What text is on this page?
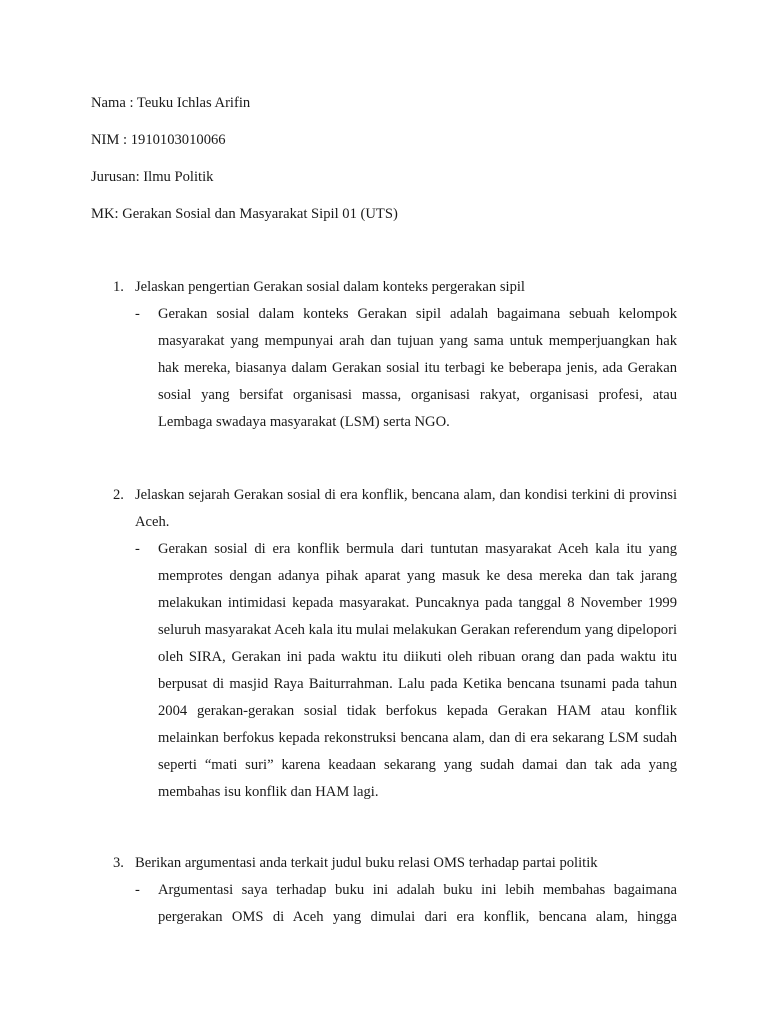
Nama : Teuku Ichlas Arifin
NIM : 1910103010066
Jurusan: Ilmu Politik
MK: Gerakan Sosial dan Masyarakat Sipil 01 (UTS)
1. Jelaskan pengertian Gerakan sosial dalam konteks pergerakan sipil
- Gerakan sosial dalam konteks Gerakan sipil adalah bagaimana sebuah kelompok masyarakat yang mempunyai arah dan tujuan yang sama untuk memperjuangkan hak hak mereka, biasanya dalam Gerakan sosial itu terbagi ke beberapa jenis, ada Gerakan sosial yang bersifat organisasi massa, organisasi rakyat, organisasi profesi, atau Lembaga swadaya masyarakat (LSM) serta NGO.
2. Jelaskan sejarah Gerakan sosial di era konflik, bencana alam, dan kondisi terkini di provinsi Aceh.
- Gerakan sosial di era konflik bermula dari tuntutan masyarakat Aceh kala itu yang memprotes dengan adanya pihak aparat yang masuk ke desa mereka dan tak jarang melakukan intimidasi kepada masyarakat. Puncaknya pada tanggal 8 November 1999 seluruh masyarakat Aceh kala itu mulai melakukan Gerakan referendum yang dipelopori oleh SIRA, Gerakan ini pada waktu itu diikuti oleh ribuan orang dan pada waktu itu berpusat di masjid Raya Baiturrahman. Lalu pada Ketika bencana tsunami pada tahun 2004 gerakan-gerakan sosial tidak berfokus kepada Gerakan HAM atau konflik melainkan berfokus kepada rekonstruksi bencana alam, dan di era sekarang LSM sudah seperti “mati suri” karena keadaan sekarang yang sudah damai dan tak ada yang membahas isu konflik dan HAM lagi.
3. Berikan argumentasi anda terkait judul buku relasi OMS terhadap partai politik
- Argumentasi saya terhadap buku ini adalah buku ini lebih membahas bagaimana pergerakan OMS di Aceh yang dimulai dari era konflik, bencana alam, hingga
